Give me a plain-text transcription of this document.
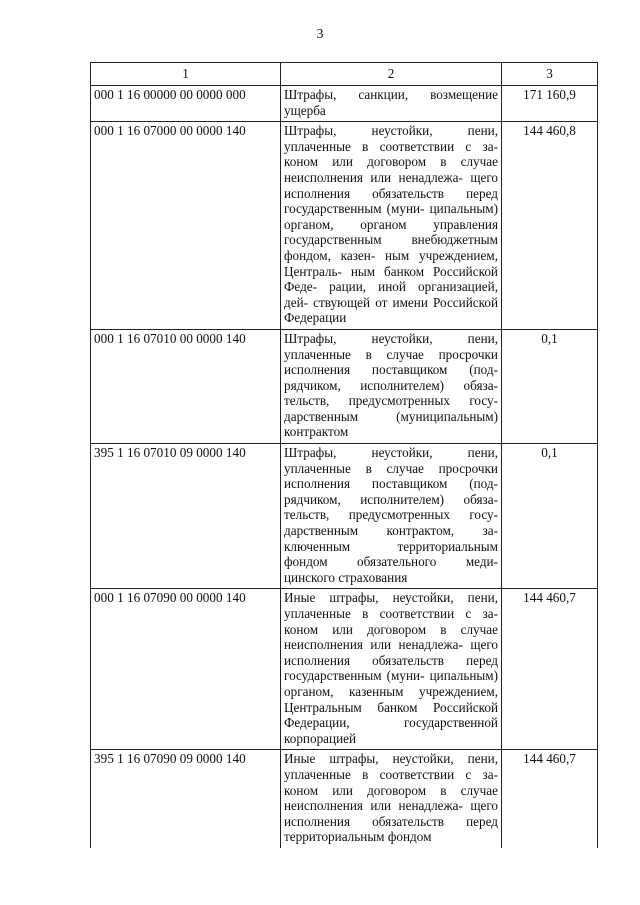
3
1	2	3
000 1 16 00000 00 0000 000	Штрафы, санкции, возмещение ущерба	171 160,9
000 1 16 07000 00 0000 140	Штрафы, неустойки, пени, уплаченные в соответствии с за- коном или договором в случае неисполнения или ненадлежа- щего исполнения обязательств перед государственным (муни- ципальным) органом, органом управления государственным внебюджетным фондом, казен- ным учреждением, Централь- ным банком Российской Феде- рации, иной организацией, дей- ствующей от имени Российской Федерации	144 460,8
000 1 16 07010 00 0000 140	Штрафы, неустойки, пени, уплаченные в случае просрочки исполнения поставщиком (под- рядчиком, исполнителем) обяза- тельств, предусмотренных госу- дарственным (муниципальным) контрактом	0,1
395 1 16 07010 09 0000 140	Штрафы, неустойки, пени, уплаченные в случае просрочки исполнения поставщиком (под- рядчиком, исполнителем) обяза- тельств, предусмотренных госу- дарственным контрактом, за- ключенным территориальным фондом обязательного меди- цинского страхования	0,1
000 1 16 07090 00 0000 140	Иные штрафы, неустойки, пени, уплаченные в соответствии с за- коном или договором в случае неисполнения или ненадлежа- щего исполнения обязательств перед государственным (муни- ципальным) органом, казенным учреждением, Центральным банком Российской Федерации, государственной корпорацией	144 460,7
395 1 16 07090 09 0000 140	Иные штрафы, неустойки, пени, уплаченные в соответствии с за- коном или договором в случае неисполнения или ненадлежа- щего исполнения обязательств перед территориальным фондом	144 460,7
